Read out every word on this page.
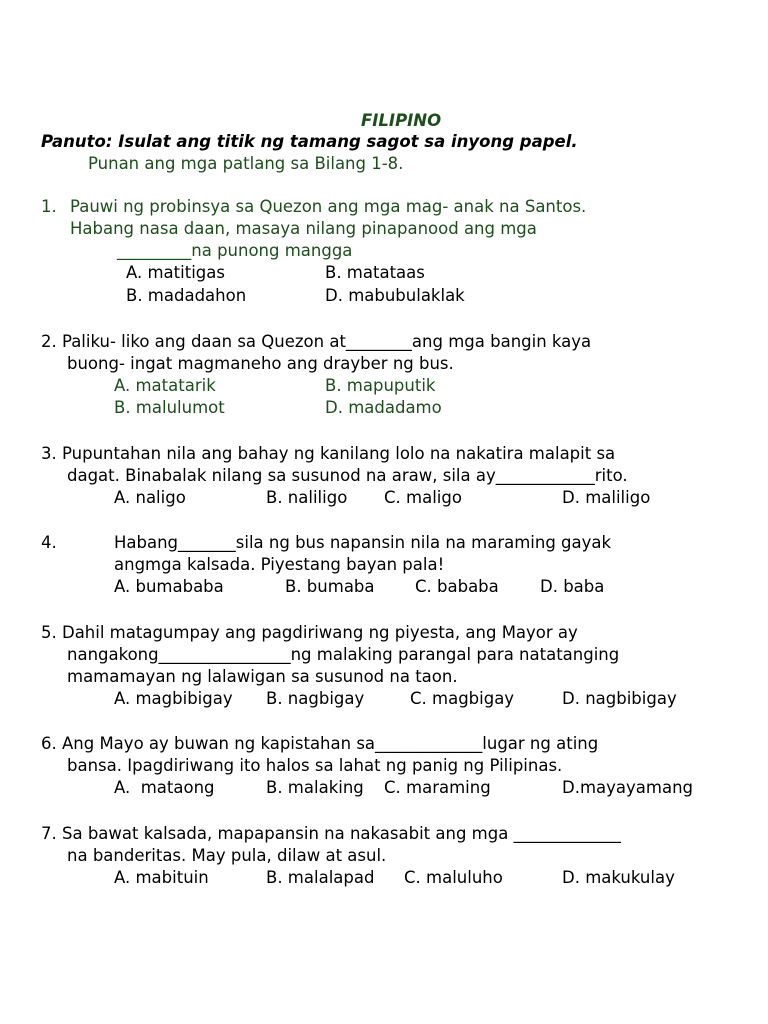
FILIPINO
Panuto: Isulat ang titik ng tamang sagot sa inyong papel.
Punan ang mga patlang sa Bilang 1-8.
1. Pauwi ng probinsya sa Quezon ang mga mag- anak na Santos.
Habang nasa daan, masaya nilang pinapanood ang mga
_________na punong mangga
A. matitigas	B. matataas
B. madadahon	D. mabubulaklak
2. Paliku- liko ang daan sa Quezon at________ang mga bangin kaya
buong- ingat magmaneho ang drayber ng bus.
A. matatarik	B. mapuputik
B. malulumot	D. madadamo
3. Pupuntahan nila ang bahay ng kanilang lolo na nakatira malapit sa
dagat. Binabalak nilang sa susunod na araw, sila ay____________rito.
A. naligo	B. naliligo C. maligo	D. maliligo
4.	Habang_______sila ng bus napansin nila na maraming gayak
angmga kalsada. Piyestang bayan pala!
A. bumababa	B. bumaba C. bababa D. baba
5. Dahil matagumpay ang pagdiriwang ng piyesta, ang Mayor ay
nangakong________________ng malaking parangal para natatanging
mamamayan ng lalawigan sa susunod na taon.
A. magbibigay B. nagbigay	C. magbigay	D. nagbibigay
6. Ang Mayo ay buwan ng kapistahan sa_____________lugar ng ating
bansa. Ipagdiriwang ito halos sa lahat ng panig ng Pilipinas.
A.  mataong	B. malaking C. maraming	D.mayayamang
7. Sa bawat kalsada, mapapansin na nakasabit ang mga _____________
na banderitas. May pula, dilaw at asul.
A. mabituin	B. malalapad C. maluluho	D. makukulay
